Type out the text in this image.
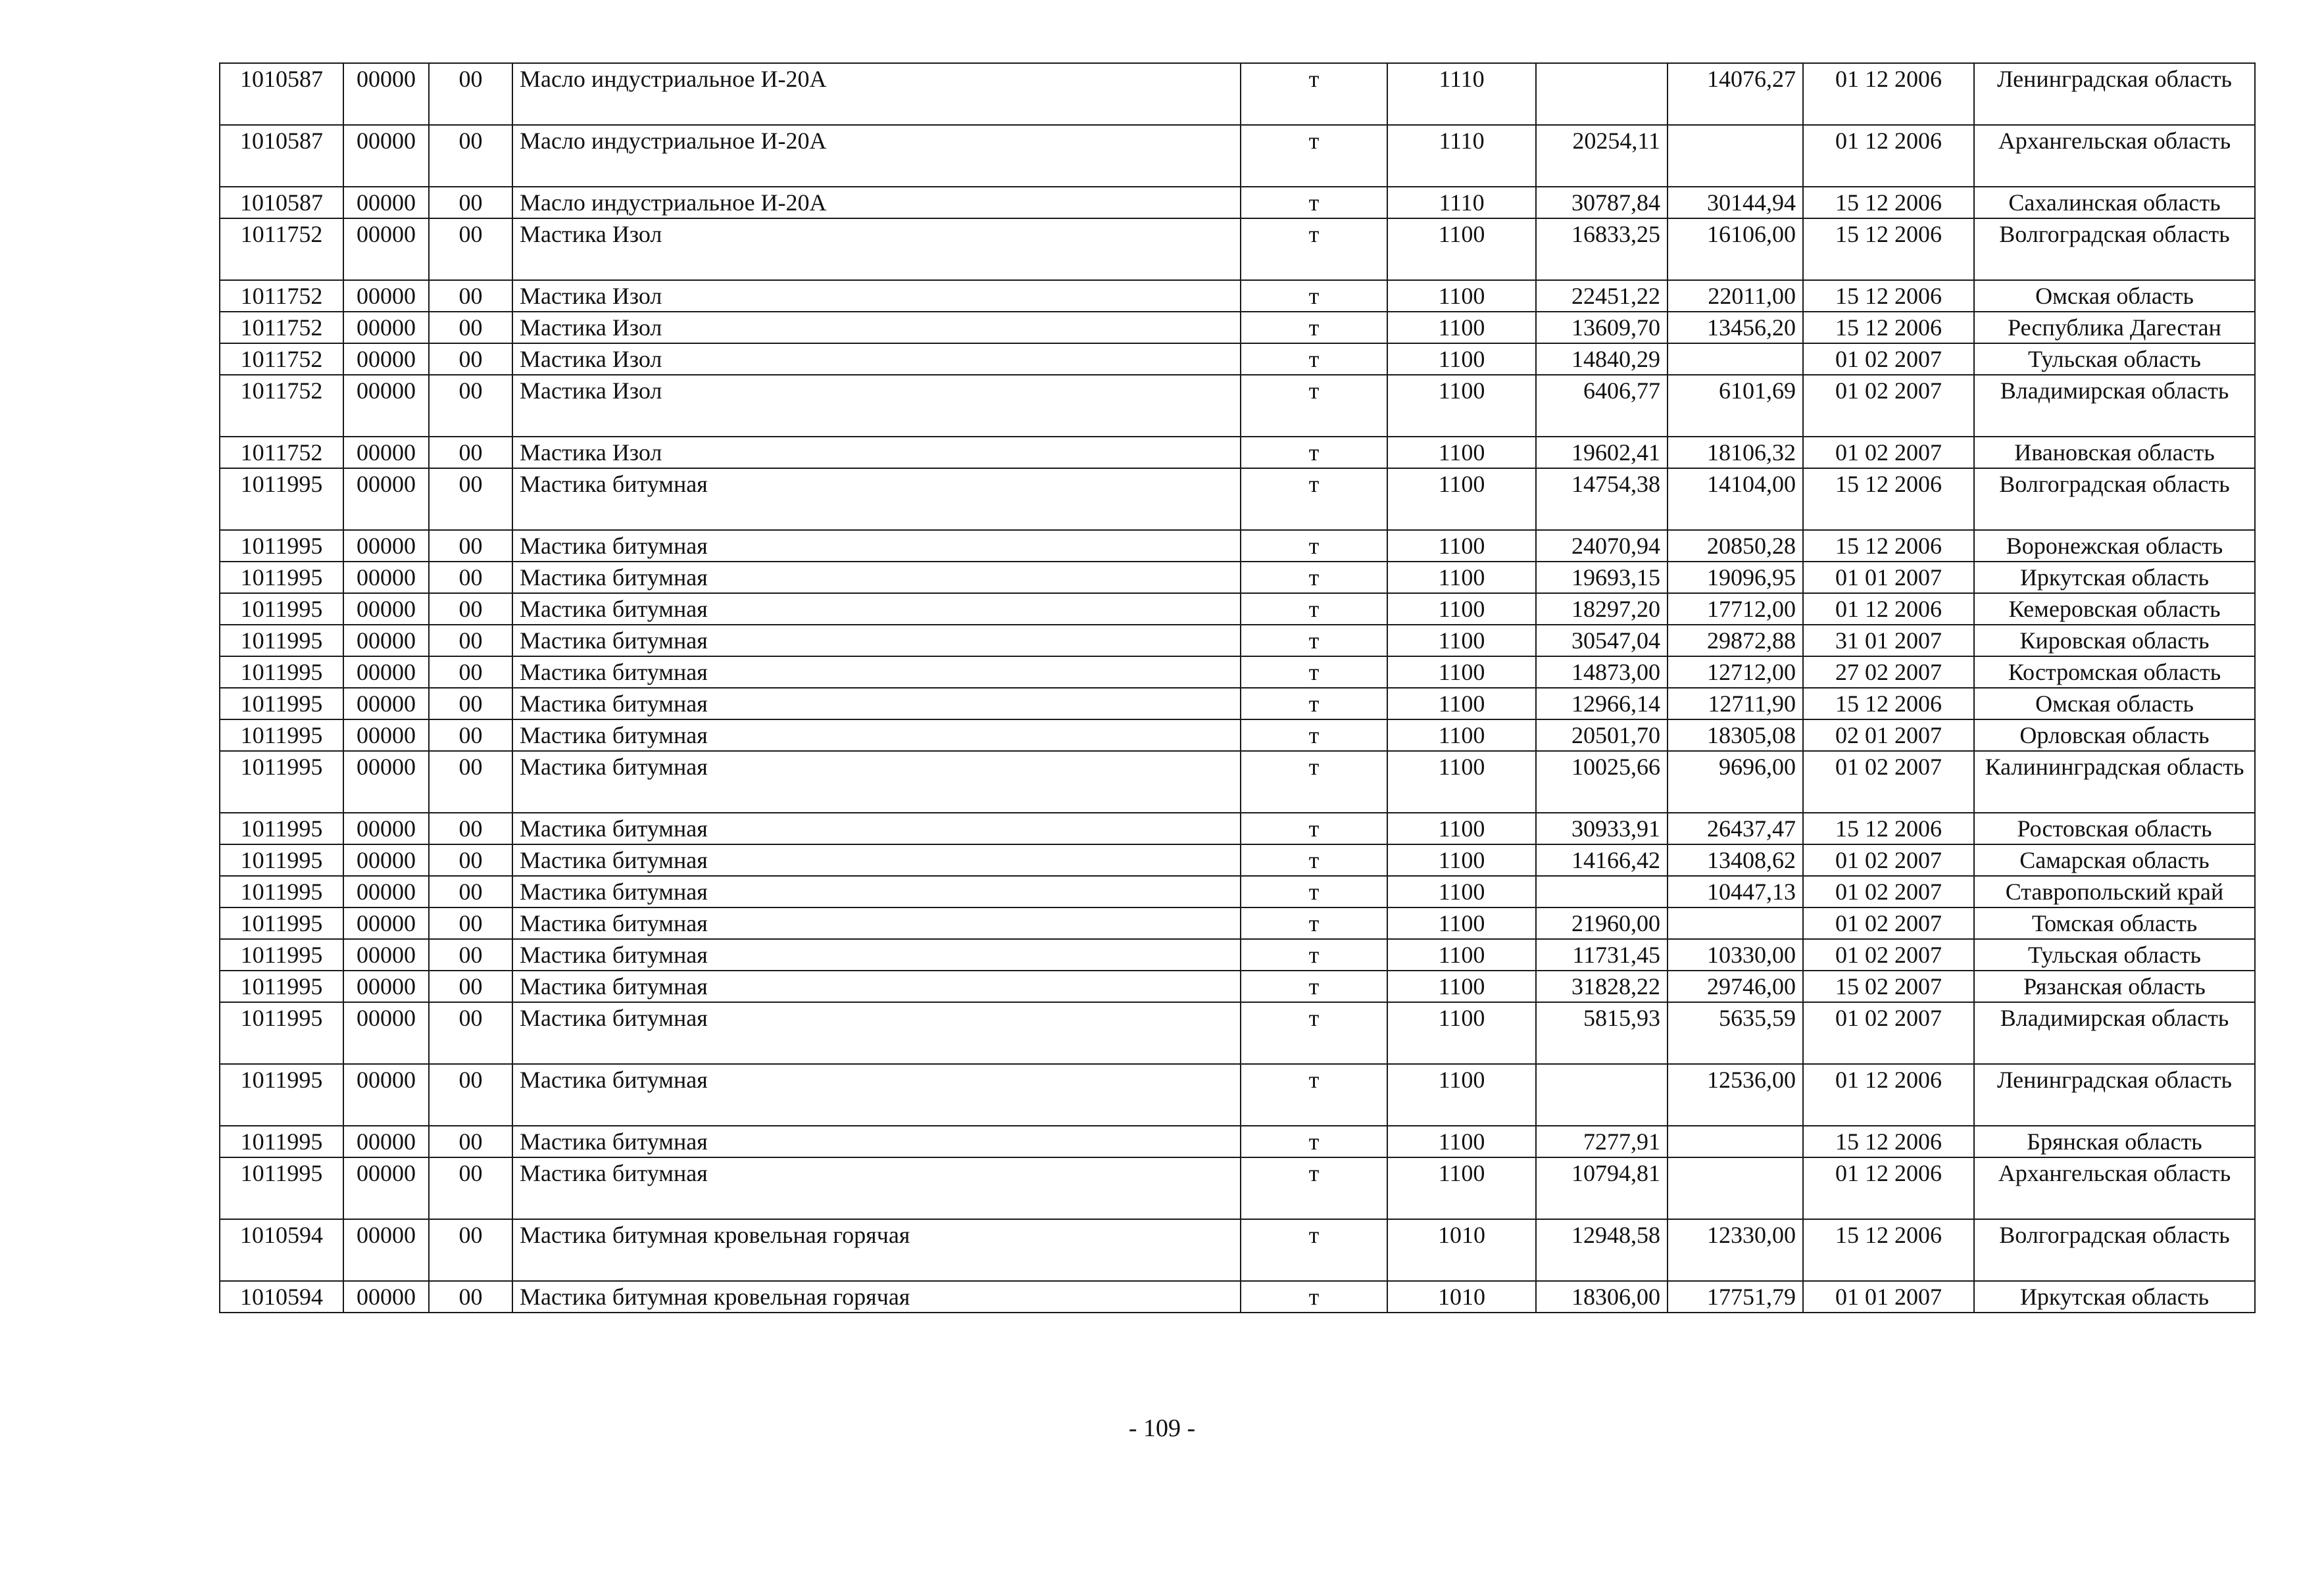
1010587	00000	00	Масло индустриальное И-20А	т	1110		14076,27	01 12 2006	Ленинградская область
1010587	00000	00	Масло индустриальное И-20А	т	1110	20254,11		01 12 2006	Архангельская область
1010587	00000	00	Масло индустриальное И-20А	т	1110	30787,84	30144,94	15 12 2006	Сахалинская область
1011752	00000	00	Мастика Изол	т	1100	16833,25	16106,00	15 12 2006	Волгоградская область
1011752	00000	00	Мастика Изол	т	1100	22451,22	22011,00	15 12 2006	Омская область
1011752	00000	00	Мастика Изол	т	1100	13609,70	13456,20	15 12 2006	Республика Дагестан
1011752	00000	00	Мастика Изол	т	1100	14840,29		01 02 2007	Тульская область
1011752	00000	00	Мастика Изол	т	1100	6406,77	6101,69	01 02 2007	Владимирская область
1011752	00000	00	Мастика Изол	т	1100	19602,41	18106,32	01 02 2007	Ивановская область
1011995	00000	00	Мастика битумная	т	1100	14754,38	14104,00	15 12 2006	Волгоградская область
1011995	00000	00	Мастика битумная	т	1100	24070,94	20850,28	15 12 2006	Воронежская область
1011995	00000	00	Мастика битумная	т	1100	19693,15	19096,95	01 01 2007	Иркутская область
1011995	00000	00	Мастика битумная	т	1100	18297,20	17712,00	01 12 2006	Кемеровская область
1011995	00000	00	Мастика битумная	т	1100	30547,04	29872,88	31 01 2007	Кировская область
1011995	00000	00	Мастика битумная	т	1100	14873,00	12712,00	27 02 2007	Костромская область
1011995	00000	00	Мастика битумная	т	1100	12966,14	12711,90	15 12 2006	Омская область
1011995	00000	00	Мастика битумная	т	1100	20501,70	18305,08	02 01 2007	Орловская область
1011995	00000	00	Мастика битумная	т	1100	10025,66	9696,00	01 02 2007	Калининградская область
1011995	00000	00	Мастика битумная	т	1100	30933,91	26437,47	15 12 2006	Ростовская область
1011995	00000	00	Мастика битумная	т	1100	14166,42	13408,62	01 02 2007	Самарская область
1011995	00000	00	Мастика битумная	т	1100		10447,13	01 02 2007	Ставропольский край
1011995	00000	00	Мастика битумная	т	1100	21960,00		01 02 2007	Томская область
1011995	00000	00	Мастика битумная	т	1100	11731,45	10330,00	01 02 2007	Тульская область
1011995	00000	00	Мастика битумная	т	1100	31828,22	29746,00	15 02 2007	Рязанская область
1011995	00000	00	Мастика битумная	т	1100	5815,93	5635,59	01 02 2007	Владимирская область
1011995	00000	00	Мастика битумная	т	1100		12536,00	01 12 2006	Ленинградская область
1011995	00000	00	Мастика битумная	т	1100	7277,91		15 12 2006	Брянская область
1011995	00000	00	Мастика битумная	т	1100	10794,81		01 12 2006	Архангельская область
1010594	00000	00	Мастика битумная кровельная горячая	т	1010	12948,58	12330,00	15 12 2006	Волгоградская область
1010594	00000	00	Мастика битумная кровельная горячая	т	1010	18306,00	17751,79	01 01 2007	Иркутская область
- 109 -
